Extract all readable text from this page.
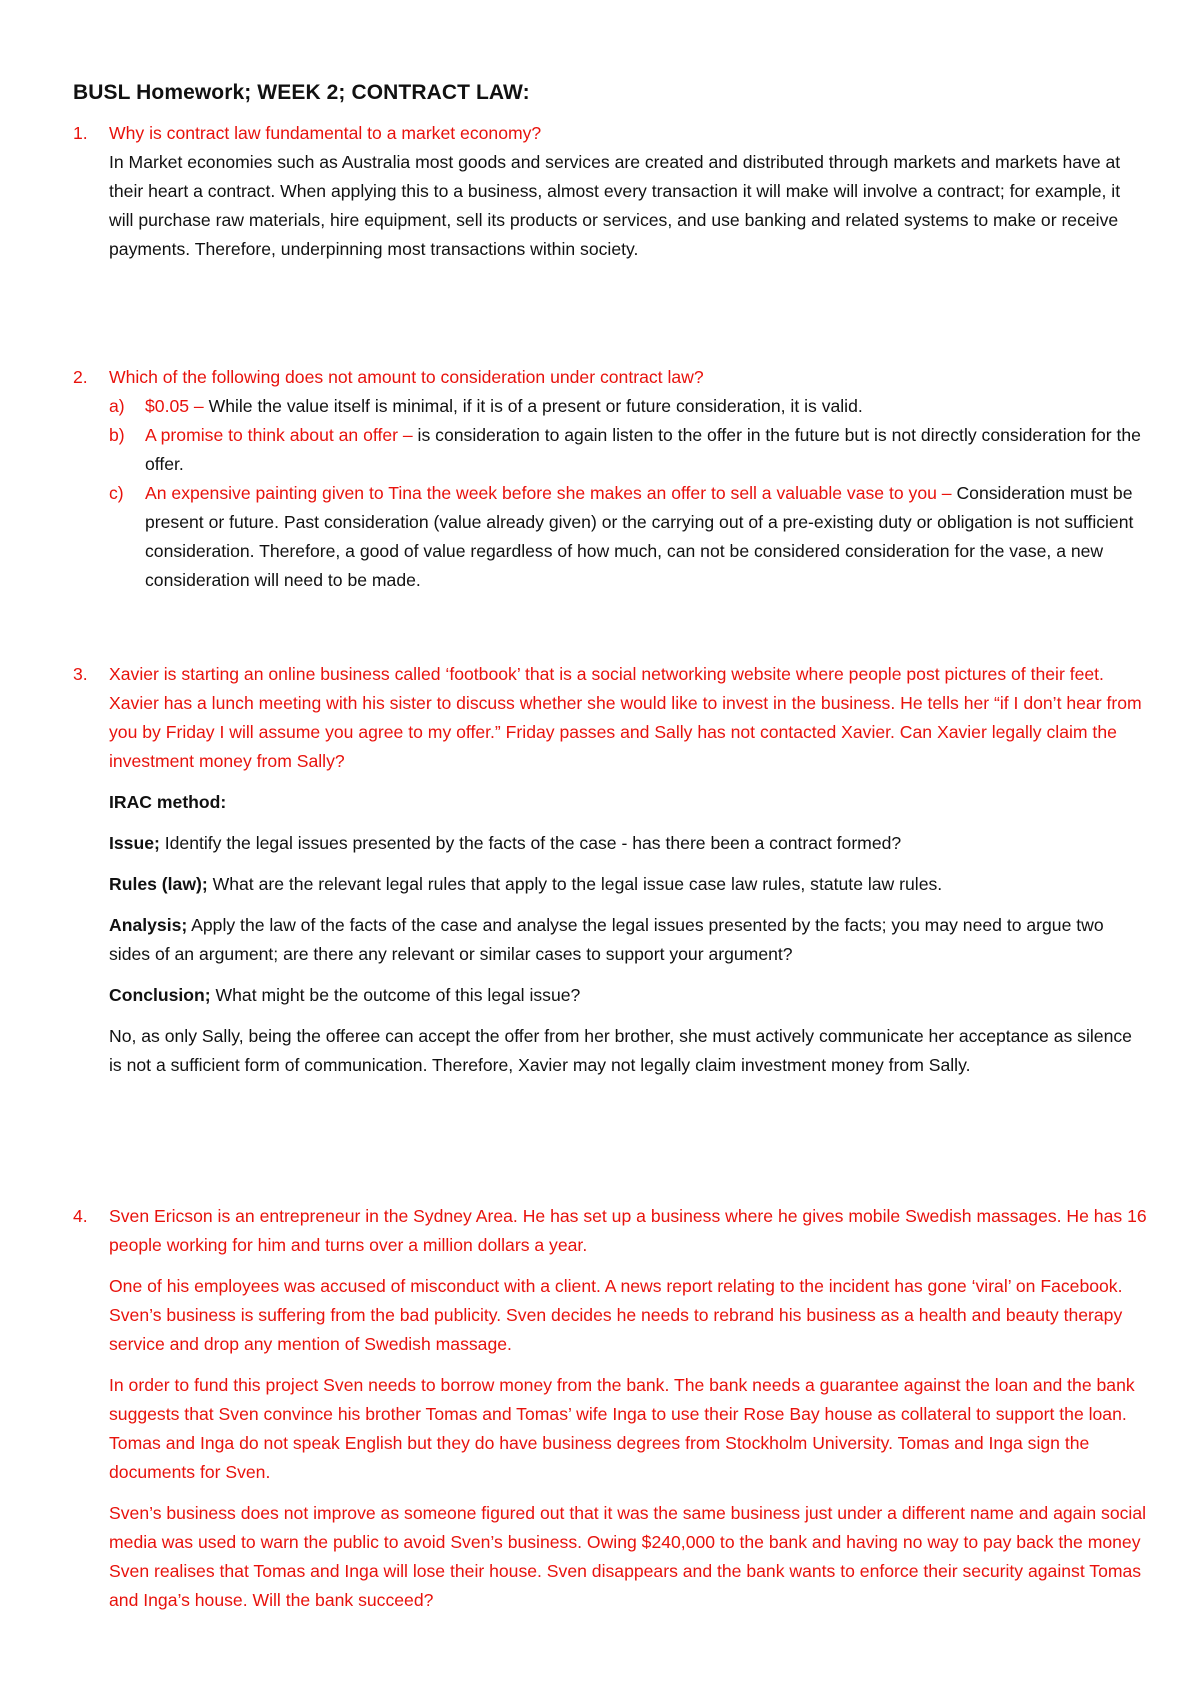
BUSL Homework; WEEK 2; CONTRACT LAW:
1.	Why is contract law fundamental to a market economy?

In Market economies such as Australia most goods and services are created and distributed through markets and markets have at their heart a contract. When applying this to a business, almost every transaction it will make will involve a contract; for example, it will purchase raw materials, hire equipment, sell its products or services, and use banking and related systems to make or receive payments. Therefore, underpinning most transactions within society.

2.	Which of the following does not amount to consideration under contract law?

a) $0.05 – While the value itself is minimal, if it is of a present or future consideration, it is valid.

b) A promise to think about an offer – is consideration to again listen to the offer in the future but is not directly consideration for the offer.

c) An expensive painting given to Tina the week before she makes an offer to sell a valuable vase to you – Consideration must be present or future. Past consideration (value already given) or the carrying out of a pre-existing duty or obligation is not sufficient consideration. Therefore, a good of value regardless of how much, can not be considered consideration for the vase, a new consideration will need to be made.

3.	Xavier is starting an online business called ‘footbook’ that is a social networking website where people post pictures of their feet. Xavier has a lunch meeting with his sister to discuss whether she would like to invest in the business. He tells her “if I don’t hear from you by Friday I will assume you agree to my offer.” Friday passes and Sally has not contacted Xavier. Can Xavier legally claim the investment money from Sally?

IRAC method:

Issue; Identify the legal issues presented by the facts of the case - has there been a contract formed?

Rules (law); What are the relevant legal rules that apply to the legal issue case law rules, statute law rules.

Analysis; Apply the law of the facts of the case and analyse the legal issues presented by the facts; you may need to argue two sides of an argument; are there any relevant or similar cases to support your argument?

Conclusion; What might be the outcome of this legal issue?

No, as only Sally, being the offeree can accept the offer from her brother, she must actively communicate her acceptance as silence is not a sufficient form of communication. Therefore, Xavier may not legally claim investment money from Sally.

4.	Sven Ericson is an entrepreneur in the Sydney Area. He has set up a business where he gives mobile Swedish massages. He has 16 people working for him and turns over a million dollars a year.

One of his employees was accused of misconduct with a client. A news report relating to the incident has gone ‘viral’ on Facebook. Sven’s business is suffering from the bad publicity. Sven decides he needs to rebrand his business as a health and beauty therapy service and drop any mention of Swedish massage.

In order to fund this project Sven needs to borrow money from the bank. The bank needs a guarantee against the loan and the bank suggests that Sven convince his brother Tomas and Tomas’ wife Inga to use their Rose Bay house as collateral to support the loan. Tomas and Inga do not speak English but they do have business degrees from Stockholm University. Tomas and Inga sign the documents for Sven.

Sven’s business does not improve as someone figured out that it was the same business just under a different name and again social media was used to warn the public to avoid Sven’s business. Owing $240,000 to the bank and having no way to pay back the money Sven realises that Tomas and Inga will lose their house. Sven disappears and the bank wants to enforce their security against Tomas and Inga’s house. Will the bank succeed?
